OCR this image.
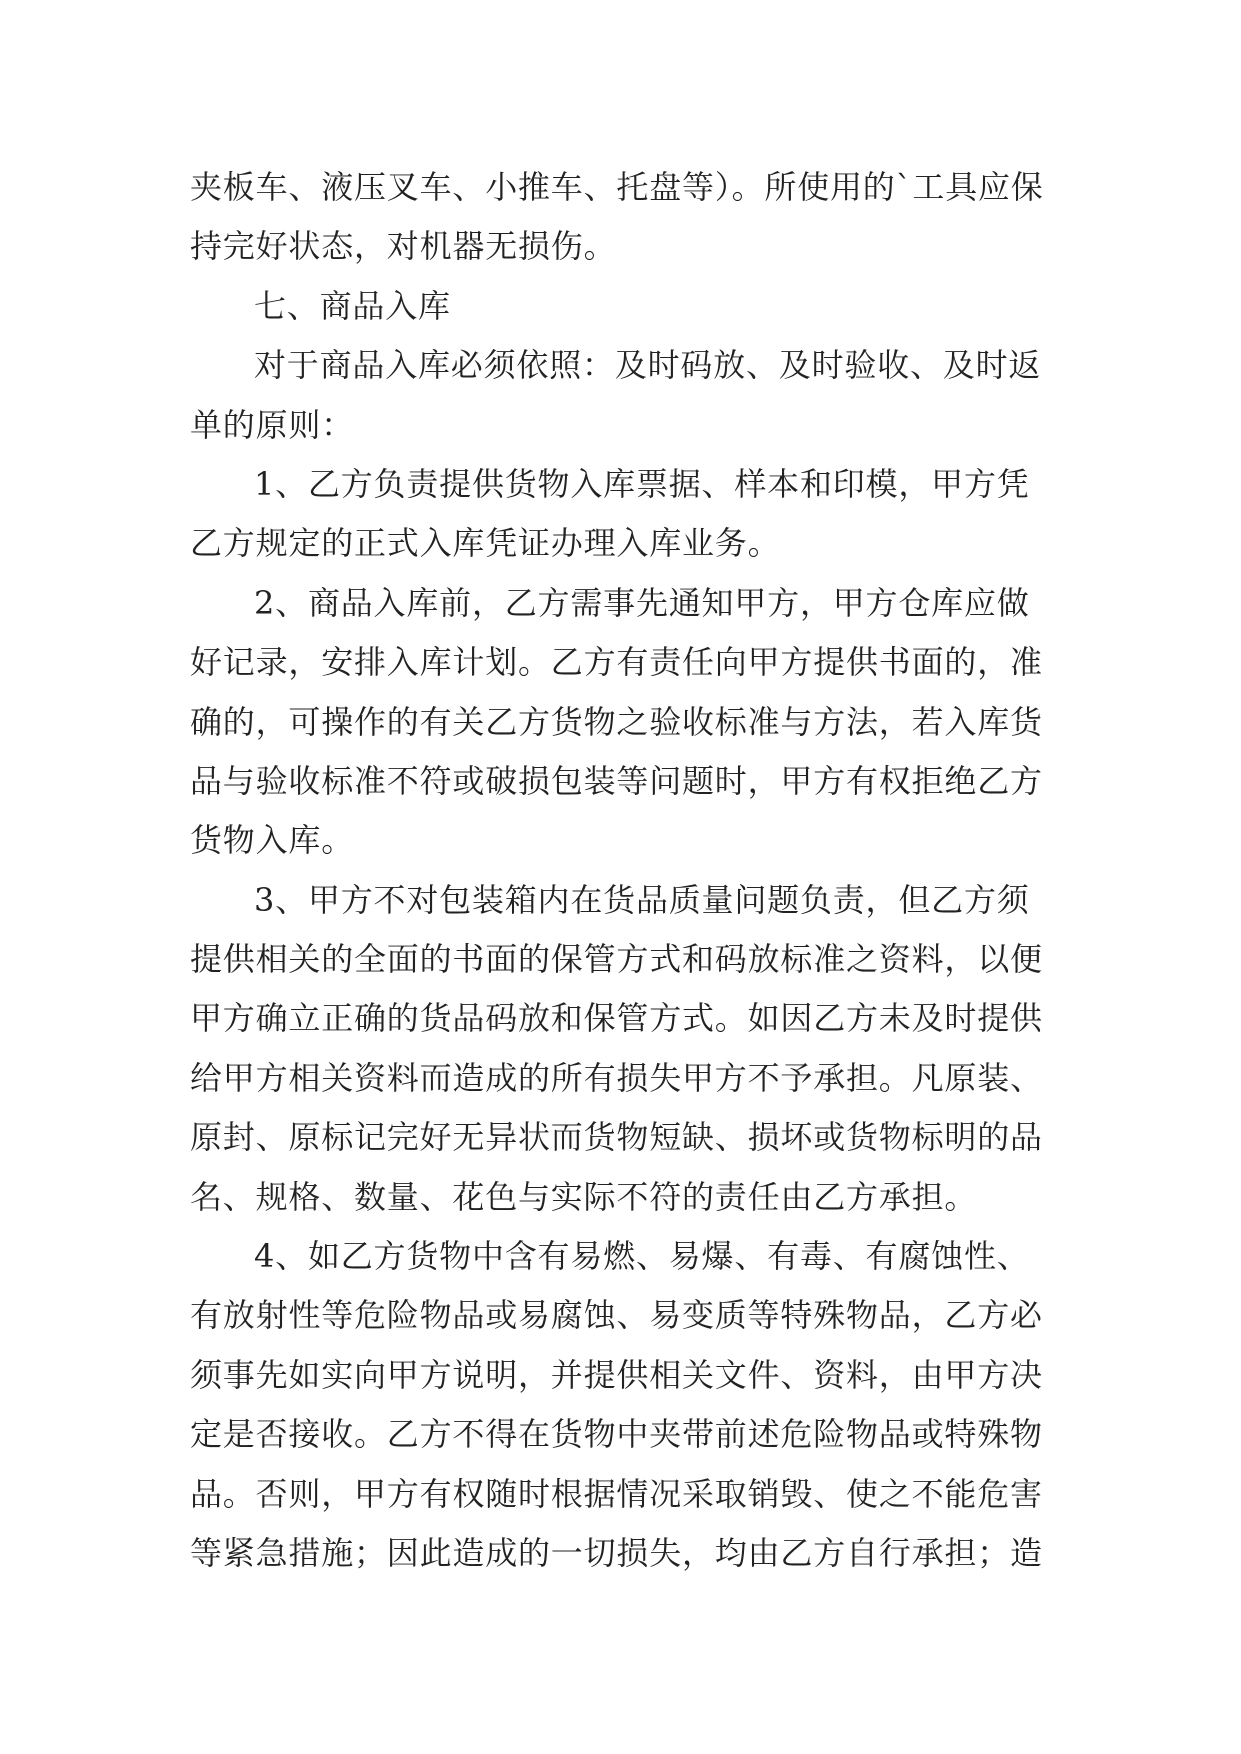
夹板车、液压叉车、小推车、托盘等）。所使用的`工具应保
持完好状态，对机器无损伤。
七、商品入库
对于商品入库必须依照：及时码放、及时验收、及时返
单的原则：
1、乙方负责提供货物入库票据、样本和印模，甲方凭
乙方规定的正式入库凭证办理入库业务。
2、商品入库前，乙方需事先通知甲方，甲方仓库应做
好记录，安排入库计划。乙方有责任向甲方提供书面的，准
确的，可操作的有关乙方货物之验收标准与方法，若入库货
品与验收标准不符或破损包装等问题时，甲方有权拒绝乙方
货物入库。
3、甲方不对包装箱内在货品质量问题负责，但乙方须
提供相关的全面的书面的保管方式和码放标准之资料，以便
甲方确立正确的货品码放和保管方式。如因乙方未及时提供
给甲方相关资料而造成的所有损失甲方不予承担。凡原装、
原封、原标记完好无异状而货物短缺、损坏或货物标明的品
名、规格、数量、花色与实际不符的责任由乙方承担。
4、如乙方货物中含有易燃、易爆、有毒、有腐蚀性、
有放射性等危险物品或易腐蚀、易变质等特殊物品，乙方必
须事先如实向甲方说明，并提供相关文件、资料，由甲方决
定是否接收。乙方不得在货物中夹带前述危险物品或特殊物
品。否则，甲方有权随时根据情况采取销毁、使之不能危害
等紧急措施；因此造成的一切损失，均由乙方自行承担；造
